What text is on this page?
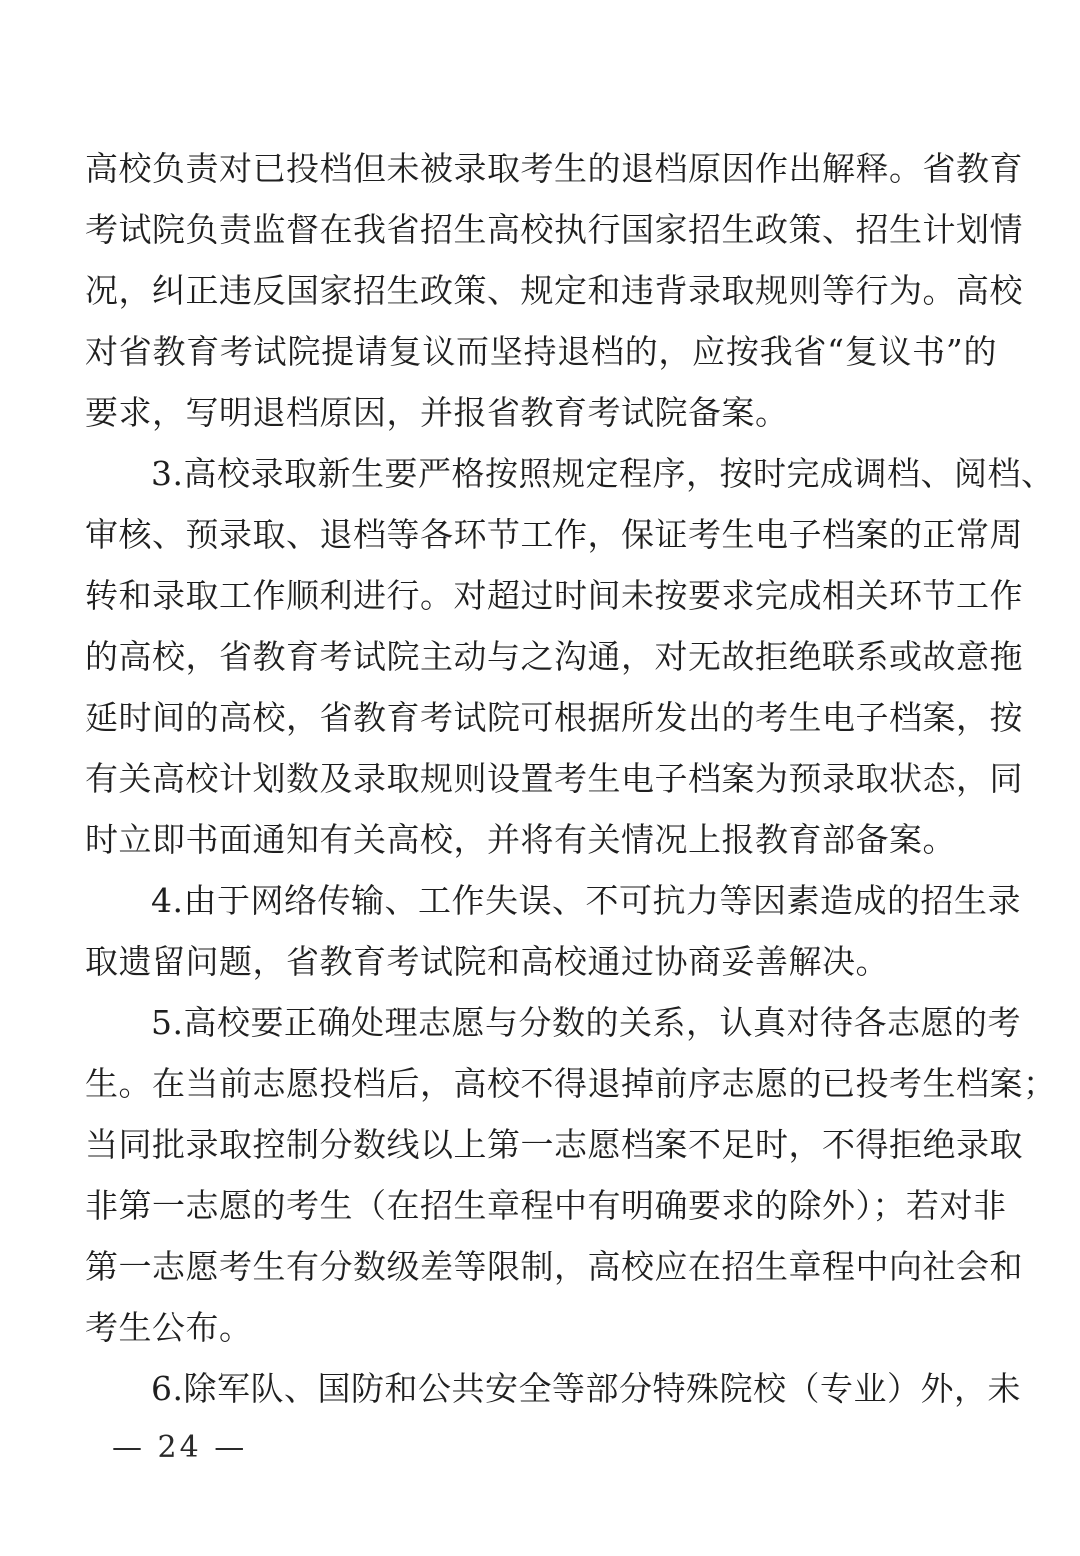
高校负责对已投档但未被录取考生的退档原因作出解释。省教育
考试院负责监督在我省招生高校执行国家招生政策、招生计划情
况，纠正违反国家招生政策、规定和违背录取规则等行为。高校
对省教育考试院提请复议而坚持退档的，应按我省“复议书”的
要求，写明退档原因，并报省教育考试院备案。
3.高校录取新生要严格按照规定程序，按时完成调档、阅档、
审核、预录取、退档等各环节工作，保证考生电子档案的正常周
转和录取工作顺利进行。对超过时间未按要求完成相关环节工作
的高校，省教育考试院主动与之沟通，对无故拒绝联系或故意拖
延时间的高校，省教育考试院可根据所发出的考生电子档案，按
有关高校计划数及录取规则设置考生电子档案为预录取状态，同
时立即书面通知有关高校，并将有关情况上报教育部备案。
4.由于网络传输、工作失误、不可抗力等因素造成的招生录
取遗留问题，省教育考试院和高校通过协商妥善解决。
5.高校要正确处理志愿与分数的关系，认真对待各志愿的考
生。在当前志愿投档后，高校不得退掉前序志愿的已投考生档案；
当同批录取控制分数线以上第一志愿档案不足时，不得拒绝录取
非第一志愿的考生（在招生章程中有明确要求的除外）；若对非
第一志愿考生有分数级差等限制，高校应在招生章程中向社会和
考生公布。
6.除军队、国防和公共安全等部分特殊院校（专业）外，未
— 24 —
